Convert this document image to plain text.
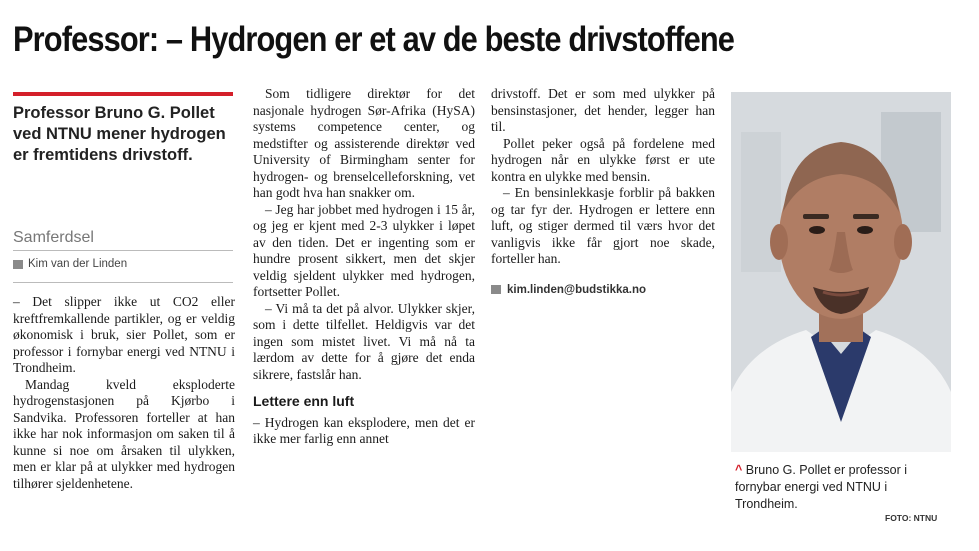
Professor: – Hydrogen er et av de beste drivstoffene

Professor Bruno G. Pollet ved NTNU mener hydrogen er fremtidens drivstoff.

Samferdsel
Kim van der Linden

– Det slipper ikke ut CO2 eller kreftfremkallende partikler, og er veldig økonomisk i bruk, sier Pollet, som er professor i fornybar energi ved NTNU i Trondheim.

Mandag kveld eksploderte hydrogenstasjonen på Kjørbo i Sandvika. Professoren forteller at han ikke har nok informasjon om saken til å kunne si noe om årsaken til ulykken, men er klar på at ulykker med hydrogen tilhører sjeldenhetene.

Som tidligere direktør for det nasjonale hydrogen Sør-Afrika (HySA) systems competence center, og medstifter og assisterende direktør ved University of Birmingham senter for hydrogen- og brenselcelleforskning, vet han godt hva han snakker om.

– Jeg har jobbet med hydrogen i 15 år, og jeg er kjent med 2-3 ulykker i løpet av den tiden. Det er ingenting som er hundre prosent sikkert, men det skjer veldig sjeldent ulykker med hydrogen, fortsetter Pollet.

– Vi må ta det på alvor. Ulykker skjer, som i dette tilfellet. Heldigvis var det ingen som mistet livet. Vi må nå ta lærdom av dette for å gjøre det enda sikrere, fastslår han.

Lettere enn luft

– Hydrogen kan eksplodere, men det er ikke mer farlig enn annet

drivstoff. Det er som med ulykker på bensinstasjoner, det hender, legger han til.

Pollet peker også på fordelene med hydrogen når en ulykke først er ute kontra en ulykke med bensin.

– En bensinlekkasje forblir på bakken og tar fyr der. Hydrogen er lettere enn luft, og stiger dermed til værs hvor det vanligvis ikke får gjort noe skade, forteller han.

kim.linden@budstikka.no
^ Bruno G. Pollet er professor i fornybar energi ved NTNU i Trondheim.
FOTO: NTNU
